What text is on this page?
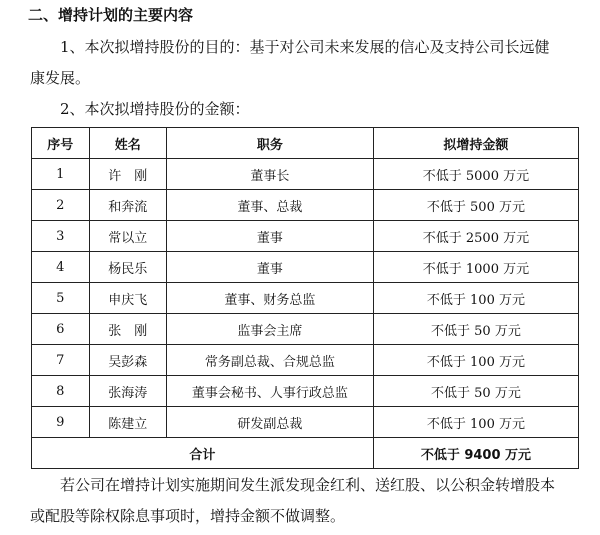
二、增持计划的主要内容
1、本次拟增持股份的目的：基于对公司未来发展的信心及支持公司长远健
康发展。
2、本次拟增持股份的金额：
序号	姓名	职务	拟增持金额
1	许　刚	董事长	不低于 5000 万元
2	和奔流	董事、总裁	不低于 500 万元
3	常以立	董事	不低于 2500 万元
4	杨民乐	董事	不低于 1000 万元
5	申庆飞	董事、财务总监	不低于 100 万元
6	张　刚	监事会主席	不低于 50 万元
7	吴彭森	常务副总裁、合规总监	不低于 100 万元
8	张海涛	董事会秘书、人事行政总监	不低于 50 万元
9	陈建立	研发副总裁	不低于 100 万元
合计			不低于 9400 万元
若公司在增持计划实施期间发生派发现金红利、送红股、以公积金转增股本
或配股等除权除息事项时，增持金额不做调整。
